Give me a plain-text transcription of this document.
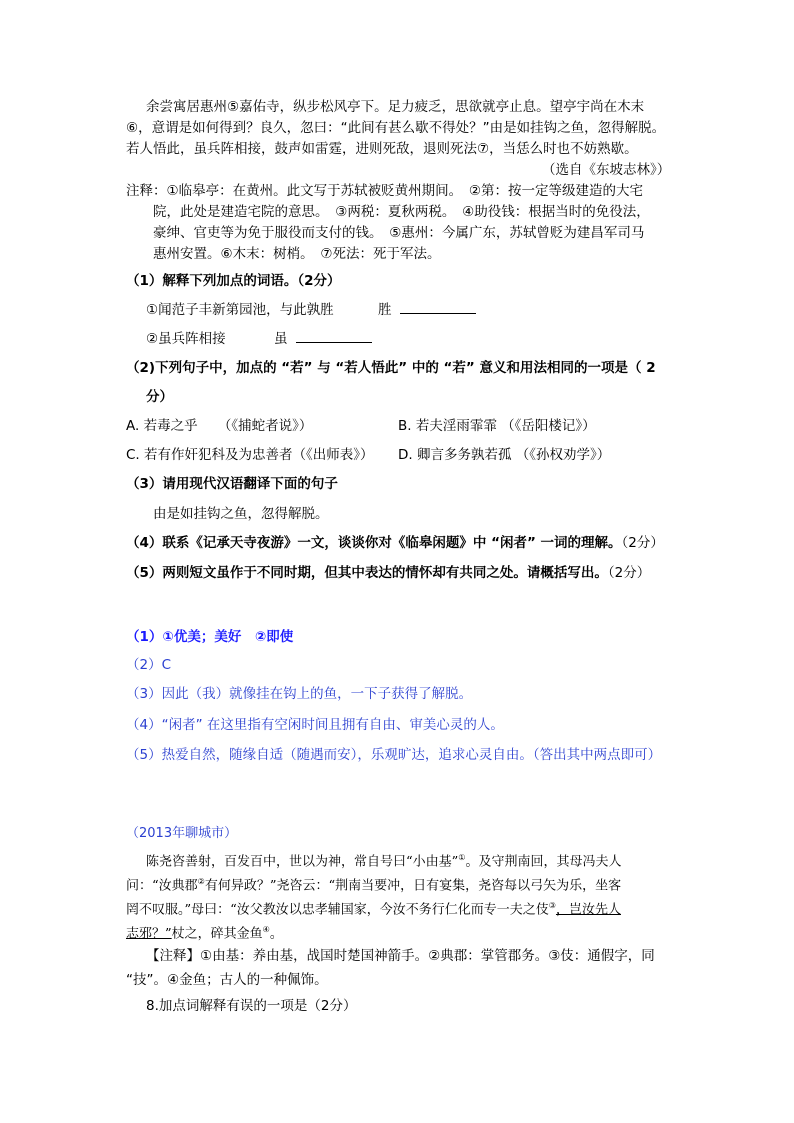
余尝寓居惠州⑤嘉佑寺，纵步松风亭下。足力疲乏，思欲就亭止息。望亭宇尚在木末
⑥，意谓是如何得到？良久，忽曰：“此间有甚么歇不得处？”由是如挂钩之鱼，忽得解脱。
若人悟此，虽兵阵相接，鼓声如雷霆，进则死敌，退则死法⑦，当恁么时也不妨熟歇。
（选自《东坡志林》）
注释：①临皋亭：在黄州。此文写于苏轼被贬黄州期间。　②第：按一定等级建造的大宅
院，此处是建造宅院的意思。　③两税：夏秋两税。　④助役钱：根据当时的免役法，
豪绅、官吏等为免于服役而支付的钱。　⑤惠州：今属广东，苏轼曾贬为建昌军司马
惠州安置。⑥木末：树梢。　⑦死法：死于军法。
（1）解释下列加点的词语。（2分）
①闻范子丰新第园池，与此孰胜	胜
②虽兵阵相接	虽
（2)下列句子中，加点的 “若” 与 “若人悟此” 中的 “若” 意义和用法相同的一项是（ 2
分）
A. 若毒之乎　　（《捕蛇者说》）	B. 若夫淫雨霏霏 （《岳阳楼记》）
C. 若有作奸犯科及为忠善者（《出师表》） D. 卿言多务孰若孤 （《孙权劝学》）
（3）请用现代汉语翻译下面的句子
由是如挂钩之鱼，忽得解脱。
（4）联系《记承天寺夜游》一文，谈谈你对《临皋闲题》中 “闲者” 一词的理解。（2分）
（5）两则短文虽作于不同时期，但其中表达的情怀却有共同之处。请概括写出。（2分）
（1）①优美；美好　②即使
（2）C
（3）因此（我）就像挂在钩上的鱼，一下子获得了解脱。
（4）“闲者” 在这里指有空闲时间且拥有自由、审美心灵的人。
（5）热爱自然，随缘自适（随遇而安），乐观旷达，追求心灵自由。（答出其中两点即可）
（2013年聊城市）
陈尧咨善射，百发百中，世以为神，常自号曰“小由基”①。及守荆南回，其母冯夫人
问：“汝典郡②有何异政？”尧咨云：“荆南当要冲，日有宴集，尧咨每以弓矢为乐，坐客
罔不叹服。”母曰：“汝父教汝以忠孝辅国家，今汝不务行仁化而专一夫之伎③，岂汝先人
志邪？”杖之，碎其金鱼④。
【注释】①由基：养由基，战国时楚国神箭手。②典郡：掌管郡务。③伎：通假字，同
“技”。④金鱼；古人的一种佩饰。
8.加点词解释有误的一项是（2分）
